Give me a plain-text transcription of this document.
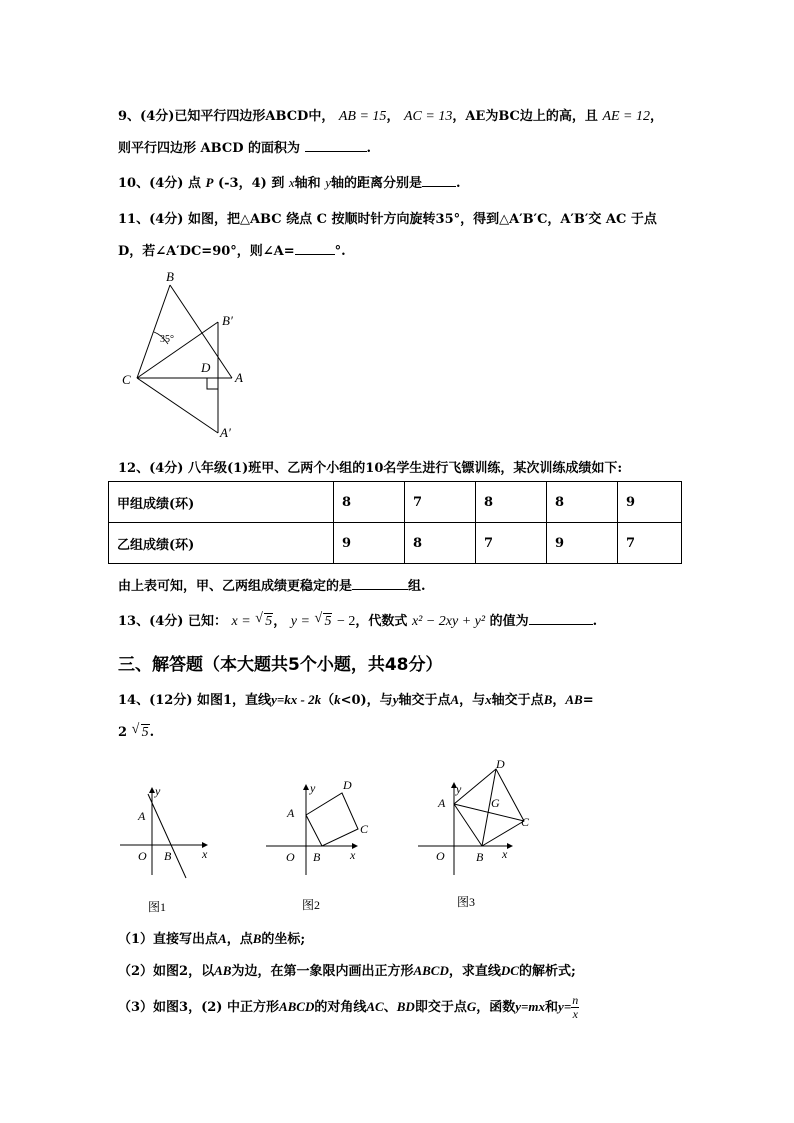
9、(4分)已知平行四边形ABCD中， AB = 15， AC = 13，AE为BC边上的高，且 AE = 12，
则平行四边形 ABCD 的面积为	.
10、(4分) 点 P (-3，4) 到 x轴和 y轴的距离分别是	.
11、(4分) 如图，把△ABC 绕点 C 按顺时针方向旋转35°，得到△A′B′C，A′B′交 AC 于点
D，若∠A′DC=90°，则∠A=	°.
B
B′
C
D
A
A′
35°
12、(4分) 八年级(1)班甲、乙两个小组的10名学生进行飞镖训练，某次训练成绩如下:
甲组成绩(环)	8	7	8	8	9
乙组成绩(环)	9	8	7	9	7
由上表可知，甲、乙两组成绩更稳定的是	组.
13、(4分) 已知： x = √ 5， y = √ 5 − 2，代数式 x² − 2xy + y² 的值为	.
三、解答题（本大题共5个小题，共48分）
14、(12分) 如图1，直线y=kx - 2k（k<0)，与y轴交于点A，与x轴交于点B，AB=
2 √ 5.
y
x
O
A
B
图1
y
x
O
A
B
C
D
图2
y
x
O
A
B
C
D
G
图3
（1）直接写出点A，点B的坐标;
（2）如图2，以AB为边，在第一象限内画出正方形ABCD，求直线DC的解析式;
（3）如图3，(2) 中正方形ABCD的对角线AC、BD即交于点G，函数y=mx和$y= \frac{n}{x}$
